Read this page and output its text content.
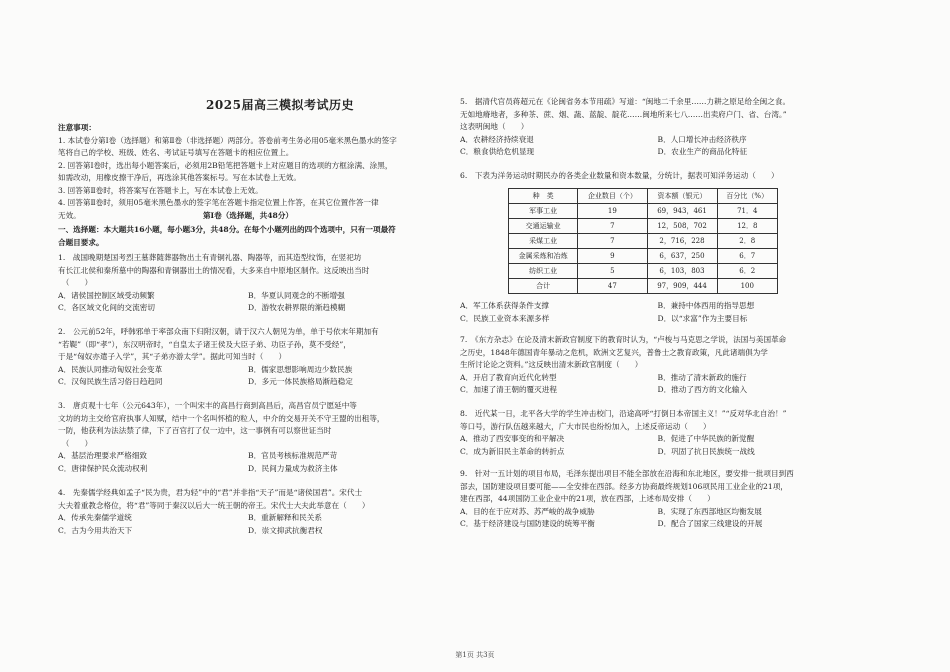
2025届高三模拟考试历史

注意事项：

1. 本试卷分第Ⅰ卷（选择题）和第Ⅱ卷（非选择题）两部分。答卷前考生务必用05毫米黑色墨水的签字

笔将自己的学校、班级、姓名、考试证号填写在答题卡的相应位置上。

2. 回答第Ⅰ卷时，选出每小题答案后，必须用2B铅笔把答题卡上对应题目的选项的方框涂满、涂黑，

如需改动，用橡皮擦干净后，再选涂其他答案标号。写在本试卷上无效。

3. 回答第Ⅱ卷时，将答案写在答题卡上，写在本试卷上无效。

4. 回答第Ⅱ卷时，须用05毫米黑色墨水的签字笔在答题卡指定位置上作答，在其它位置作答一律

无效。	第Ⅰ卷（选择题，共48分）

一、选择题：本大题共16小题，每小题3分，共48分。在每个小题列出的四个选项中，只有一项最符

合题目要求。

1.　战国晚期楚国考烈王墓葬随葬器物出土有青铜礼器、陶器等，而其造型纹饰，在竖祀坊

有长江北侯和秦所墓中的陶器和青铜器出土的情况看，大多来自中原地区制作。这反映出当时

　（　　）

A．诸侯国控制区域受动频繁	B．华夏认同观念的不断增强
C．各区域文化间的交流密切	D．游牧农耕界限的渐趋模糊

2.　公元前52年，呼韩邪单于率部众南下归附汉朝，请于汉六人朝见为单，单于号依末年期加有

“若鞮”（即“孝”），东汉明帝时，“自皇太子诸王侯及大臣子弟、功臣子孙，莫不受经”，

于是“匈奴亦遣子入学”，其“子弟亦游太学”。据此可知当时（　　）

A．民族认同推动匈奴社会变革	B．儒家思想影响周边少数民族
C．汉匈民族生活习俗日趋趋同	D．多元一体民族格局渐趋稳定

3.　唐贞观十七年（公元643年），一个叫宋丰的高昌行商到高昌后，高昌官员宁愿延中等

文坊的坊主交给官府执事人知赋，结中一个名叫怀植的粒人，中介的交易开关不守王盟的出租等，

一防，他获利为法法禁了律，下了百官打了仅一边中，这一事例有可以察世证当时

　（　　）

A．基层治理要求严格细致	B．官员考核标准规范严苛
C．唐律保护民众流动权利	D．民间力量成为救济主体

4.　先秦儒学经典如孟子“民为贵，君为轻”中的“君”并非指“天子”而是“诸侯国君”。宋代士

大夫着重教念格位，将“君”等同于秦汉以后大一统王朝的帝王。宋代士大夫此举意在（　　）

A．传承先秦儒学道统	B．重新解释和民关系
C．古为今用共治天下	D．崇文抑武抗衡君权

5.　据清代官员蒋超元在《论闽省务本节用疏》写道：“闽地二千余里……力耕之原足给全闽之食。

无如地瘠地者，多种茶、蔗、烟、蔬、蓝靛、靛花……闽地所来七八……出卖府户门、省、台湾。”

这表明闽地（　　）

A．农耕经济持续衰退	B．人口增长冲击经济秩序
C．粮食供给危机显现	D．农业生产的商品化特征

6.　下表为洋务运动时期民办的各类企业数量和资本数量，分统计，据表可知洋务运动（　　）

种　类	企业数目（个）	资本额（银元）	百分比（%）
军事工业	19	69，943，461	71．4
交通运输业	7	12，508，702	12．8
采煤工业	7	2，716，228	2．8
金属采炼和冶炼	9	6，637，250	6．7
纺织工业	5	6，103，803	6．2
合计	47	97，909，444	100
A．军工体系获得条件支撑	B．兼持中体西用的指导思想
C．民族工业资本来源多样	D．以“求富”作为主要目标

7.　《东方杂志》在论及清末新政官制度下的教育时认为，“卢梭与马克思之学说，法国与美国革命

之历史，1848年德国青年暴动之危机，欧洲文艺复兴，普鲁士之教育政策，凡此诸端俱为学

生所讨论论之资料。”这反映出清末新政官制度（　　）

A．开启了教育向近代化转型	B．推动了清末新政的施行
C．加速了清王朝的覆灭进程	D．推动了西方的文化输入

8.　近代某一日，北平各大学的学生冲击校门，沿途高呼“打倒日本帝国主义！”“反对华北自治！”

等口号，游行队伍越来越大，广大市民也纷纷加入，上述反帝运动（　　）

A．推动了西安事变的和平解决	B．促进了中华民族的新觉醒
C．成为新旧民主革命的转折点	D．巩固了抗日民族统一战线

9.　针对一五计划的项目布局，毛泽东提出项目不能全部放在沿海和东北地区，要安排一批项目到西

部去，国防建设项目要可能——全安排在西部。经多方协商最终规划106项民用工业企业的21项，

建在西部，44项国防工业企业中的21项，放在西部，上述布局安排（　　）

A．目的在于应对苏、苏严峻的战争威胁	B．实现了东西部地区均衡发展
C．基于经济建设与国防建设的统筹平衡	D．配合了国家三线建设的开展
第1页 共3页
